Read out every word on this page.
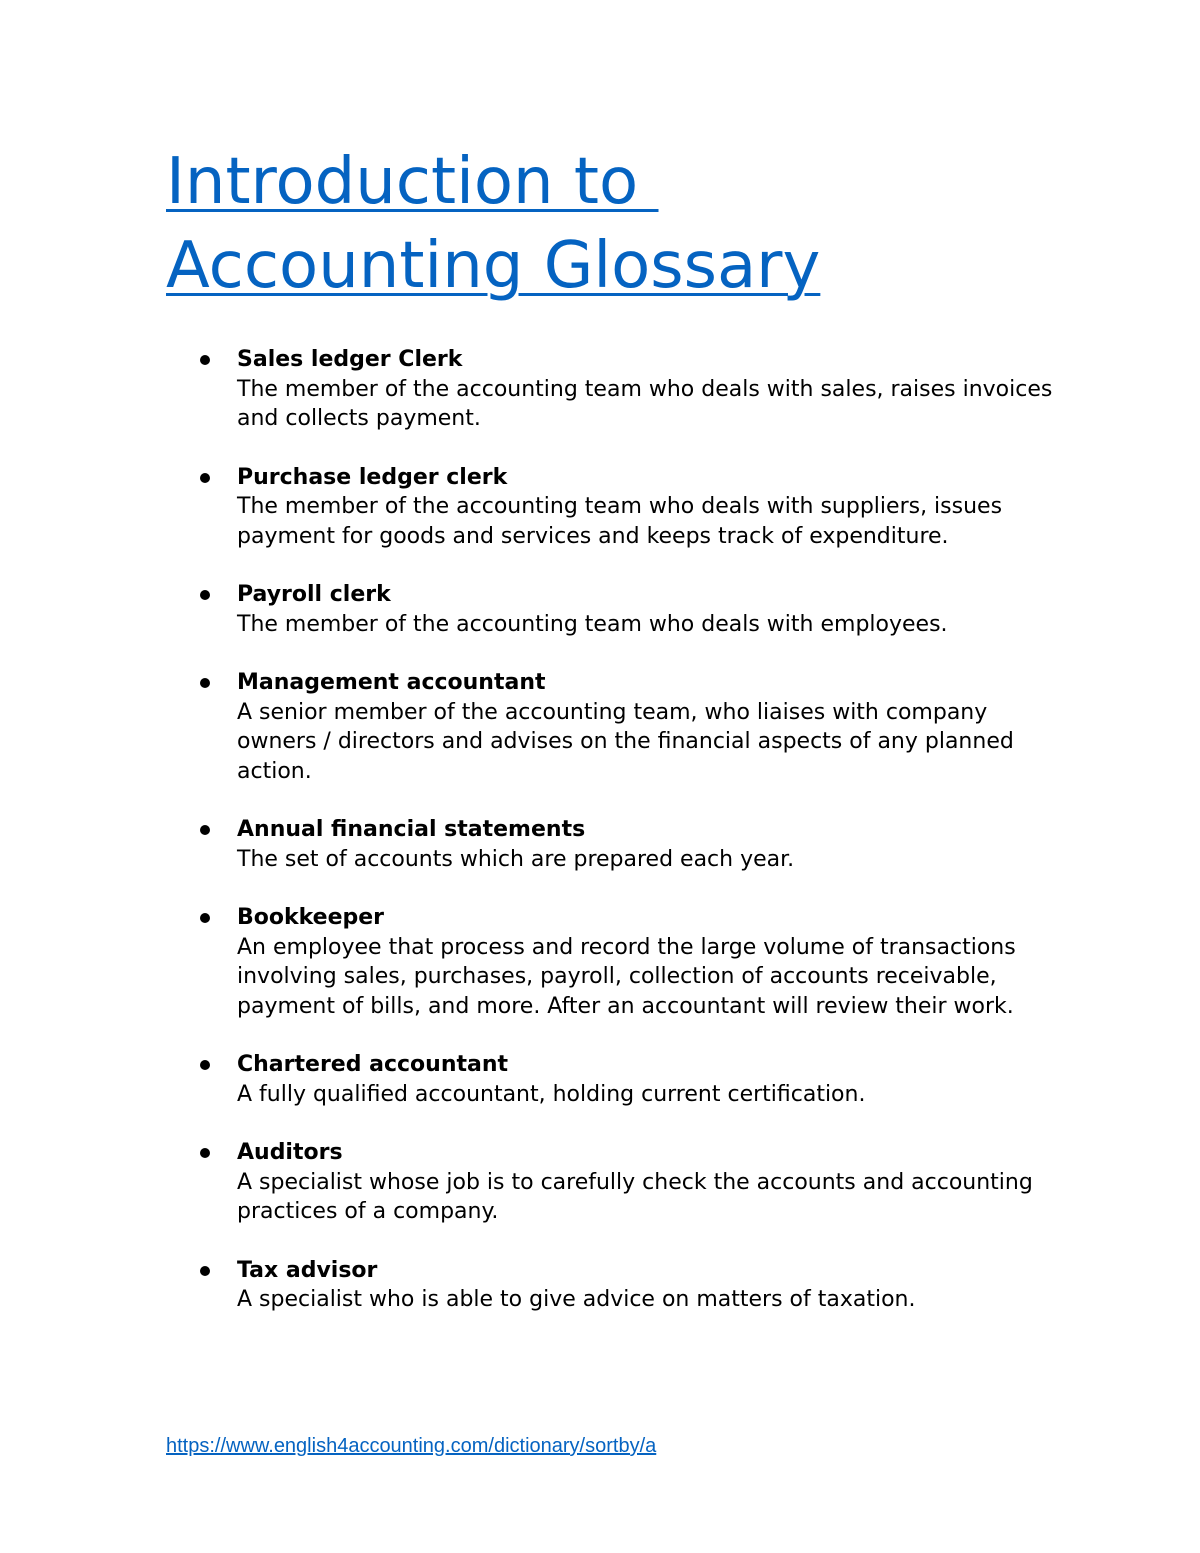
Introduction to
Accounting Glossary
Sales ledger Clerk
The member of the accounting team who deals with sales, raises invoices and collects payment.
Purchase ledger clerk
The member of the accounting team who deals with suppliers, issues payment for goods and services and keeps track of expenditure.
Payroll clerk
The member of the accounting team who deals with employees.
Management accountant
A senior member of the accounting team, who liaises with company owners / directors and advises on the financial aspects of any planned action.
Annual financial statements
The set of accounts which are prepared each year.
Bookkeeper
An employee that process and record the large volume of transactions involving sales, purchases, payroll, collection of accounts receivable, payment of bills, and more. After an accountant will review their work.
Chartered accountant
A fully qualified accountant, holding current certification.
Auditors
A specialist whose job is to carefully check the accounts and accounting practices of a company.
Tax advisor
A specialist who is able to give advice on matters of taxation.
https://www.english4accounting.com/dictionary/sortby/a
